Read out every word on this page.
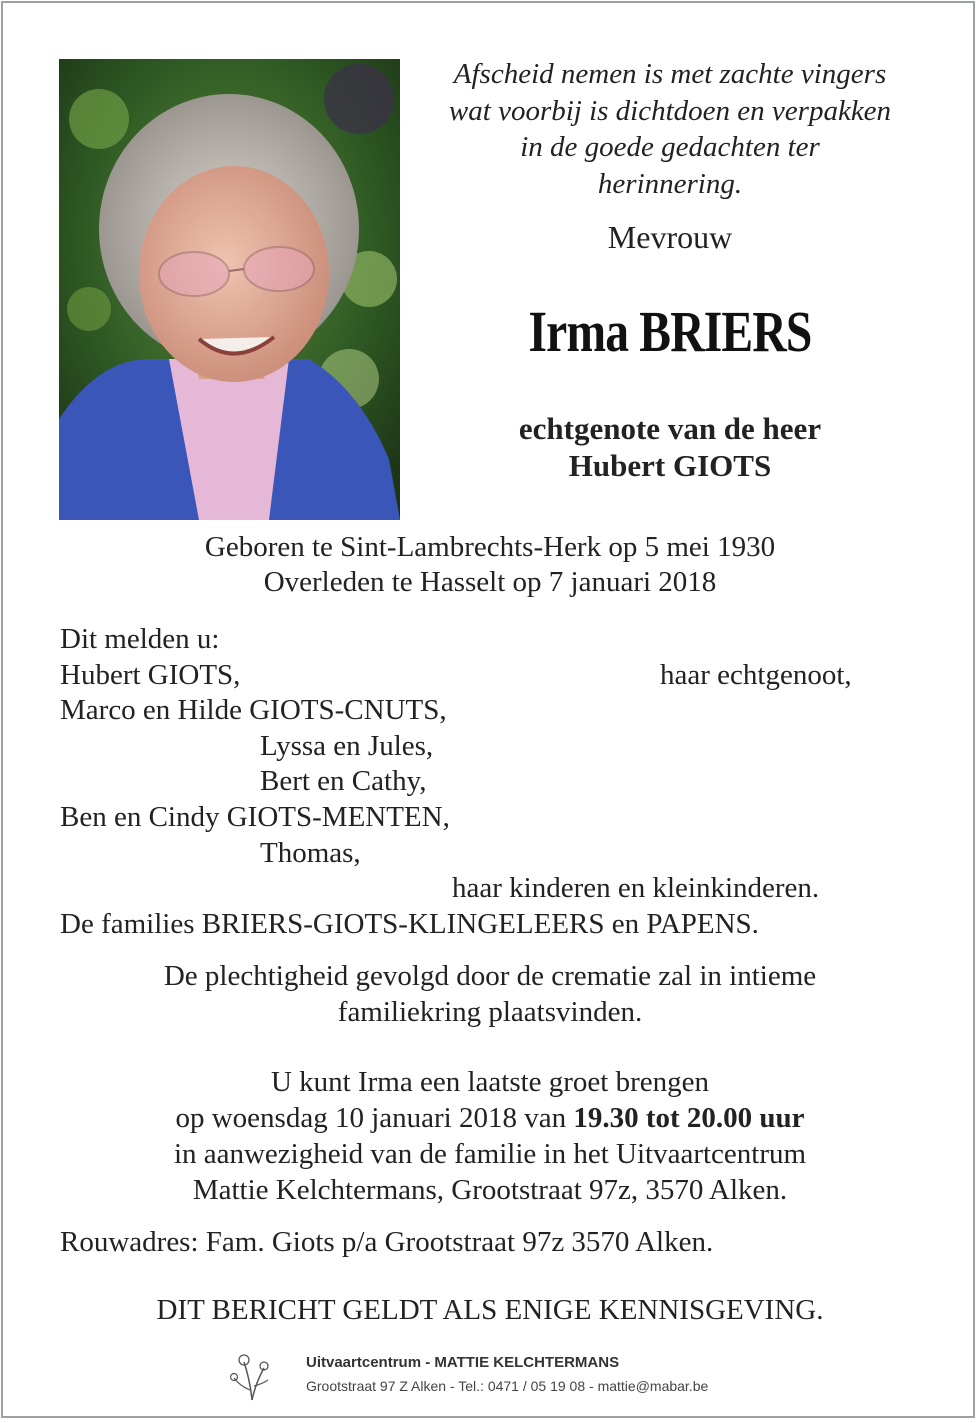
Afscheid nemen is met zachte vingers
wat voorbij is dichtdoen en verpakken
in de goede gedachten ter
herinnering.
Mevrouw
Irma BRIERS
echtgenote van de heer
Hubert GIOTS
Geboren te Sint-Lambrechts-Herk op 5 mei 1930
Overleden te Hasselt op 7 januari 2018
Dit melden u:
Hubert GIOTS,	haar echtgenoot,
Marco en Hilde GIOTS-CNUTS,
Lyssa en Jules,
Bert en Cathy,
Ben en Cindy GIOTS-MENTEN,
Thomas,
haar kinderen en kleinkinderen.
De families BRIERS-GIOTS-KLINGELEERS en PAPENS.
De plechtigheid gevolgd door de crematie zal in intieme
familiekring plaatsvinden.
U kunt Irma een laatste groet brengen
op woensdag 10 januari 2018 van 19.30 tot 20.00 uur
in aanwezigheid van de familie in het Uitvaartcentrum
Mattie Kelchtermans, Grootstraat 97z, 3570 Alken.
Rouwadres: Fam. Giots p/a Grootstraat 97z 3570 Alken.
DIT BERICHT GELDT ALS ENIGE KENNISGEVING.
Uitvaartcentrum - MATTIE KELCHTERMANS
Grootstraat 97 Z Alken - Tel.: 0471 / 05 19 08 - mattie@mabar.be
